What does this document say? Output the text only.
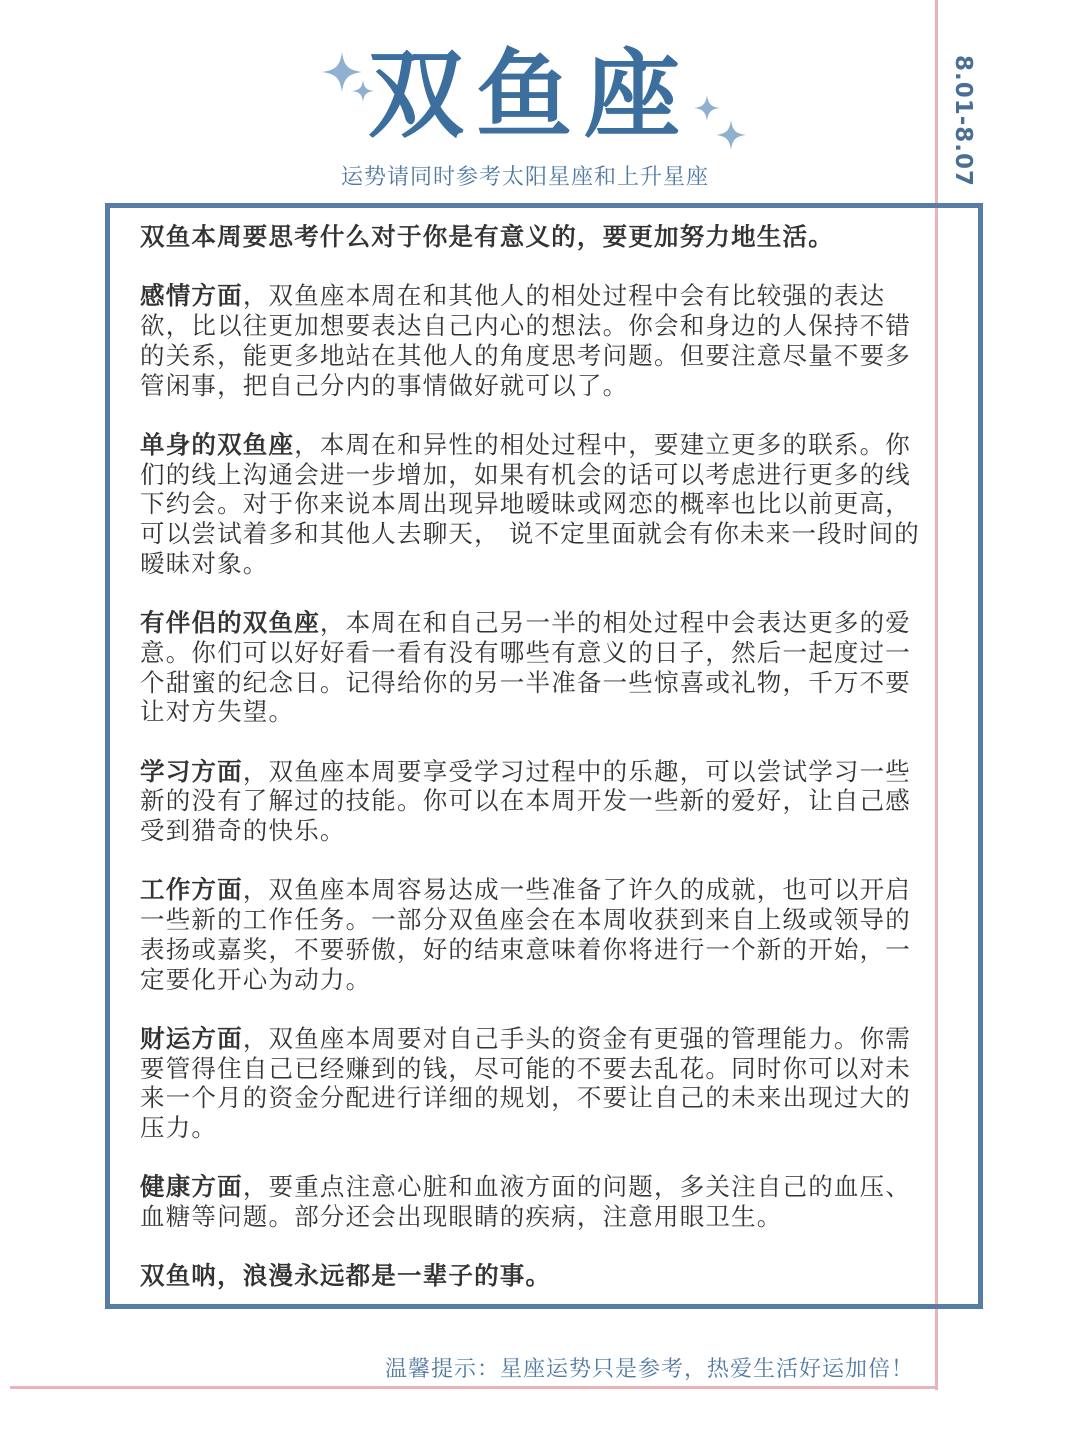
8.01-8.07
双鱼座
运势请同时参考太阳星座和上升星座

双鱼本周要思考什么对于你是有意义的，要更加努力地生活。

感情方面，双鱼座本周在和其他人的相处过程中会有比较强的表达欲，比以往更加想要表达自己内心的想法。你会和身边的人保持不错的关系，能更多地站在其他人的角度思考问题。但要注意尽量不要多管闲事，把自己分内的事情做好就可以了。

单身的双鱼座，本周在和异性的相处过程中，要建立更多的联系。你们的线上沟通会进一步增加，如果有机会的话可以考虑进行更多的线下约会。对于你来说本周出现异地暧昧或网恋的概率也比以前更高，可以尝试着多和其他人去聊天， 说不定里面就会有你未来一段时间的暧昧对象。

有伴侣的双鱼座，本周在和自己另一半的相处过程中会表达更多的爱意。你们可以好好看一看有没有哪些有意义的日子，然后一起度过一个甜蜜的纪念日。记得给你的另一半准备一些惊喜或礼物，千万不要让对方失望。

学习方面，双鱼座本周要享受学习过程中的乐趣，可以尝试学习一些新的没有了解过的技能。你可以在本周开发一些新的爱好，让自己感受到猎奇的快乐。

工作方面，双鱼座本周容易达成一些准备了许久的成就，也可以开启一些新的工作任务。一部分双鱼座会在本周收获到来自上级或领导的表扬或嘉奖，不要骄傲，好的结束意味着你将进行一个新的开始，一定要化开心为动力。

财运方面，双鱼座本周要对自己手头的资金有更强的管理能力。你需要管得住自己已经赚到的钱，尽可能的不要去乱花。同时你可以对未来一个月的资金分配进行详细的规划，不要让自己的未来出现过大的压力。

健康方面，要重点注意心脏和血液方面的问题，多关注自己的血压、血糖等问题。部分还会出现眼睛的疾病，注意用眼卫生。

双鱼呐，浪漫永远都是一辈子的事。

温馨提示：星座运势只是参考，热爱生活好运加倍！
